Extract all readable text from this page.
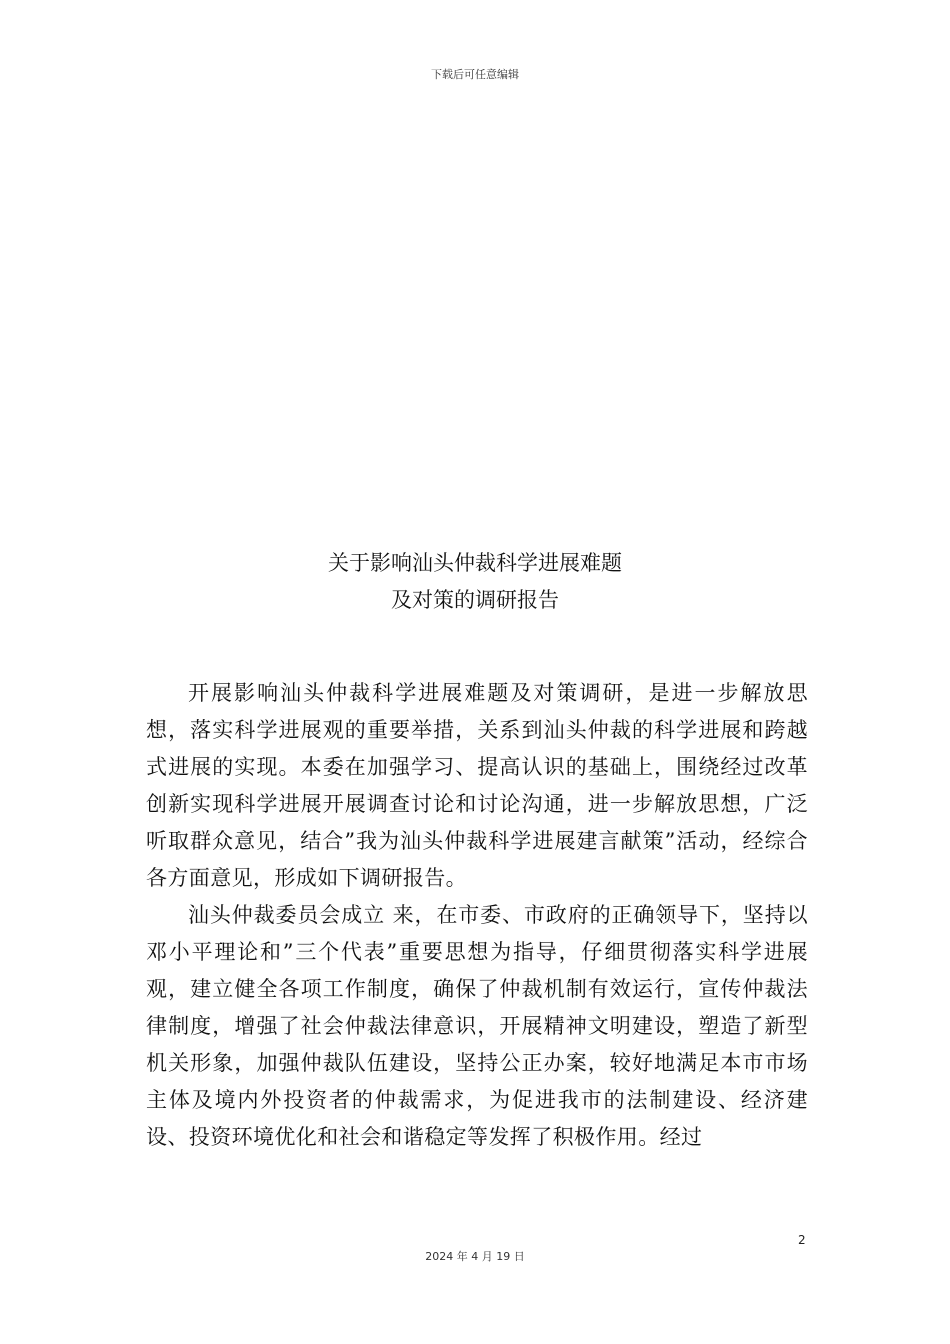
下载后可任意编辑
关于影响汕头仲裁科学进展难题
及对策的调研报告

开展影响汕头仲裁科学进展难题及对策调研，是进一步解放思想，落实科学进展观的重要举措，关系到汕头仲裁的科学进展和跨越式进展的实现。本委在加强学习、提高认识的基础上，围绕经过改革创新实现科学进展开展调查讨论和讨论沟通，进一步解放思想，广泛听取群众意见，结合”我为汕头仲裁科学进展建言献策”活动，经综合各方面意见，形成如下调研报告。

汕头仲裁委员会成立 来，在市委、市政府的正确领导下，坚持以邓小平理论和”三个代表”重要思想为指导，仔细贯彻落实科学进展观，建立健全各项工作制度，确保了仲裁机制有效运行，宣传仲裁法律制度，增强了社会仲裁法律意识，开展精神文明建设，塑造了新型机关形象，加强仲裁队伍建设，坚持公正办案，较好地满足本市市场主体及境内外投资者的仲裁需求，为促进我市的法制建设、经济建设、投资环境优化和社会和谐稳定等发挥了积极作用。经过

2
2024 年 4 月 19 日
